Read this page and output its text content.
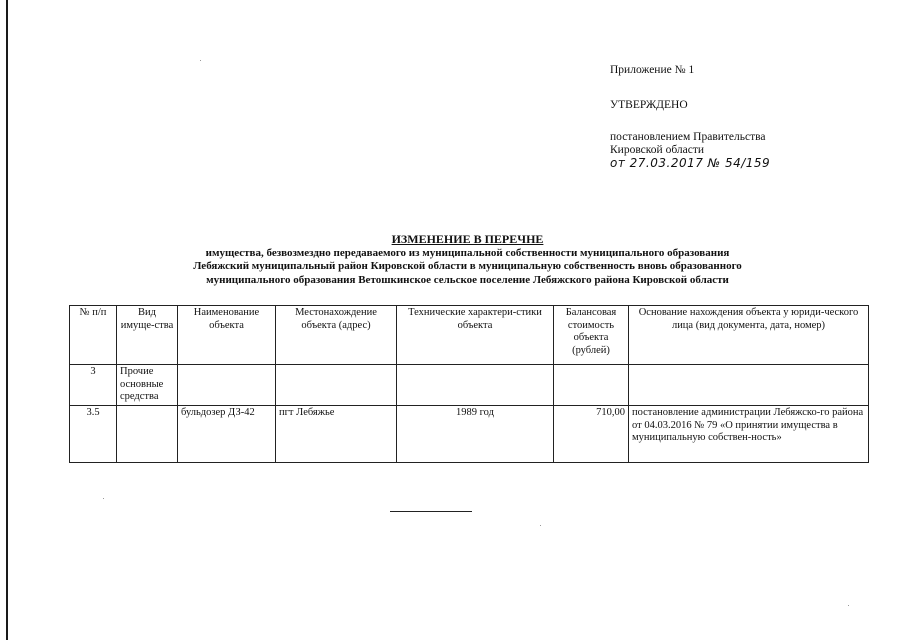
Приложение № 1
УТВЕРЖДЕНО
постановлением Правительства
Кировской области
от 27.03.2017 № 54/159
ИЗМЕНЕНИЕ В ПЕРЕЧНЕ
имущества, безвозмездно передаваемого из муниципальной собственности муниципального образования
Лебяжский муниципальный район Кировской области в муниципальную собственность вновь образованного
муниципального образования Ветошкинское сельское поселение Лебяжского района Кировской области
№ п/п	Вид имуще-ства	Наименование объекта	Местонахождение объекта (адрес)	Технические характери-стики объекта	Балансовая стоимость объекта (рублей)	Основание нахождения объекта у юриди-ческого лица (вид документа, дата, номер)
3	Прочие основные средства					
3.5		бульдозер ДЗ-42	пгт Лебяжье	1989 год	710,00	постановление администрации Лебяжско-го района от 04.03.2016 № 79 «О принятии имущества в муниципальную собствен-ность»
